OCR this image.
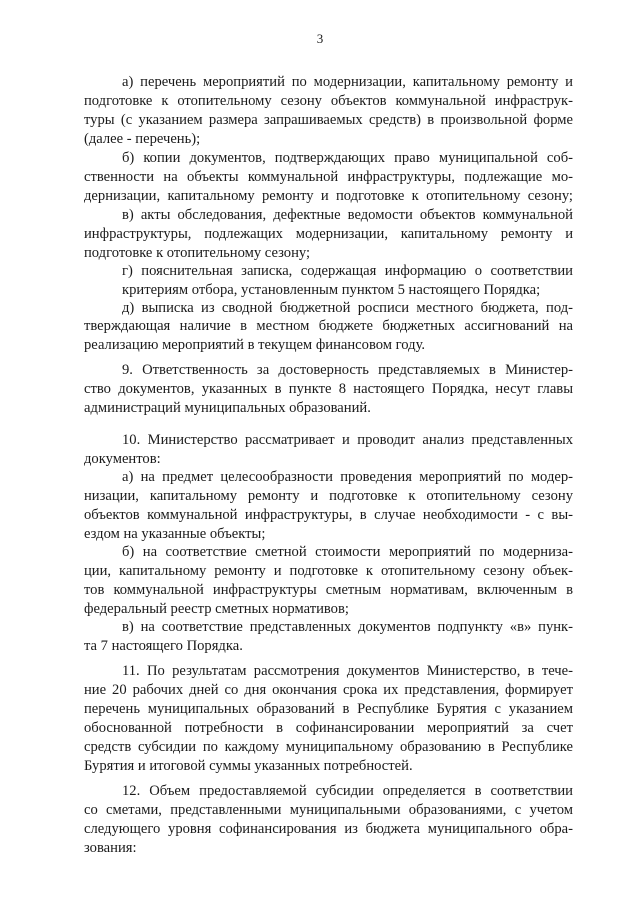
3
а) перечень мероприятий по модернизации, капитальному ремонту и
подготовке к отопительному сезону объектов коммунальной инфраструк-
туры (с указанием размера запрашиваемых средств) в произвольной форме
(далее - перечень);
б) копии документов, подтверждающих право муниципальной соб-
ственности на объекты коммунальной инфраструктуры, подлежащие мо-
дернизации, капитальному ремонту и подготовке к отопительному сезону;
в) акты обследования, дефектные ведомости объектов коммунальной
инфраструктуры, подлежащих модернизации, капитальному ремонту и
подготовке к отопительному сезону;
г) пояснительная записка, содержащая информацию о соответствии
критериям отбора, установленным пунктом 5 настоящего Порядка;
д) выписка из сводной бюджетной росписи местного бюджета, под-
тверждающая наличие в местном бюджете бюджетных ассигнований на
реализацию мероприятий в текущем финансовом году.
9. Ответственность за достоверность представляемых в Министер-
ство документов, указанных в пункте 8 настоящего Порядка, несут главы
администраций муниципальных образований.
10. Министерство рассматривает и проводит анализ представленных
документов:
а) на предмет целесообразности проведения мероприятий по модер-
низации, капитальному ремонту и подготовке к отопительному сезону
объектов коммунальной инфраструктуры, в случае необходимости - с вы-
ездом на указанные объекты;
б) на соответствие сметной стоимости мероприятий по модерниза-
ции, капитальному ремонту и подготовке к отопительному сезону объек-
тов коммунальной инфраструктуры сметным нормативам, включенным в
федеральный реестр сметных нормативов;
в) на соответствие представленных документов подпункту «в» пунк-
та 7 настоящего Порядка.
11. По результатам рассмотрения документов Министерство, в тече-
ние 20 рабочих дней со дня окончания срока их представления, формирует
перечень муниципальных образований в Республике Бурятия с указанием
обоснованной потребности в софинансировании мероприятий за счет
средств субсидии по каждому муниципальному образованию в Республике
Бурятия и итоговой суммы указанных потребностей.
12. Объем предоставляемой субсидии определяется в соответствии
со сметами, представленными муниципальными образованиями, с учетом
следующего уровня софинансирования из бюджета муниципального обра-
зования:
